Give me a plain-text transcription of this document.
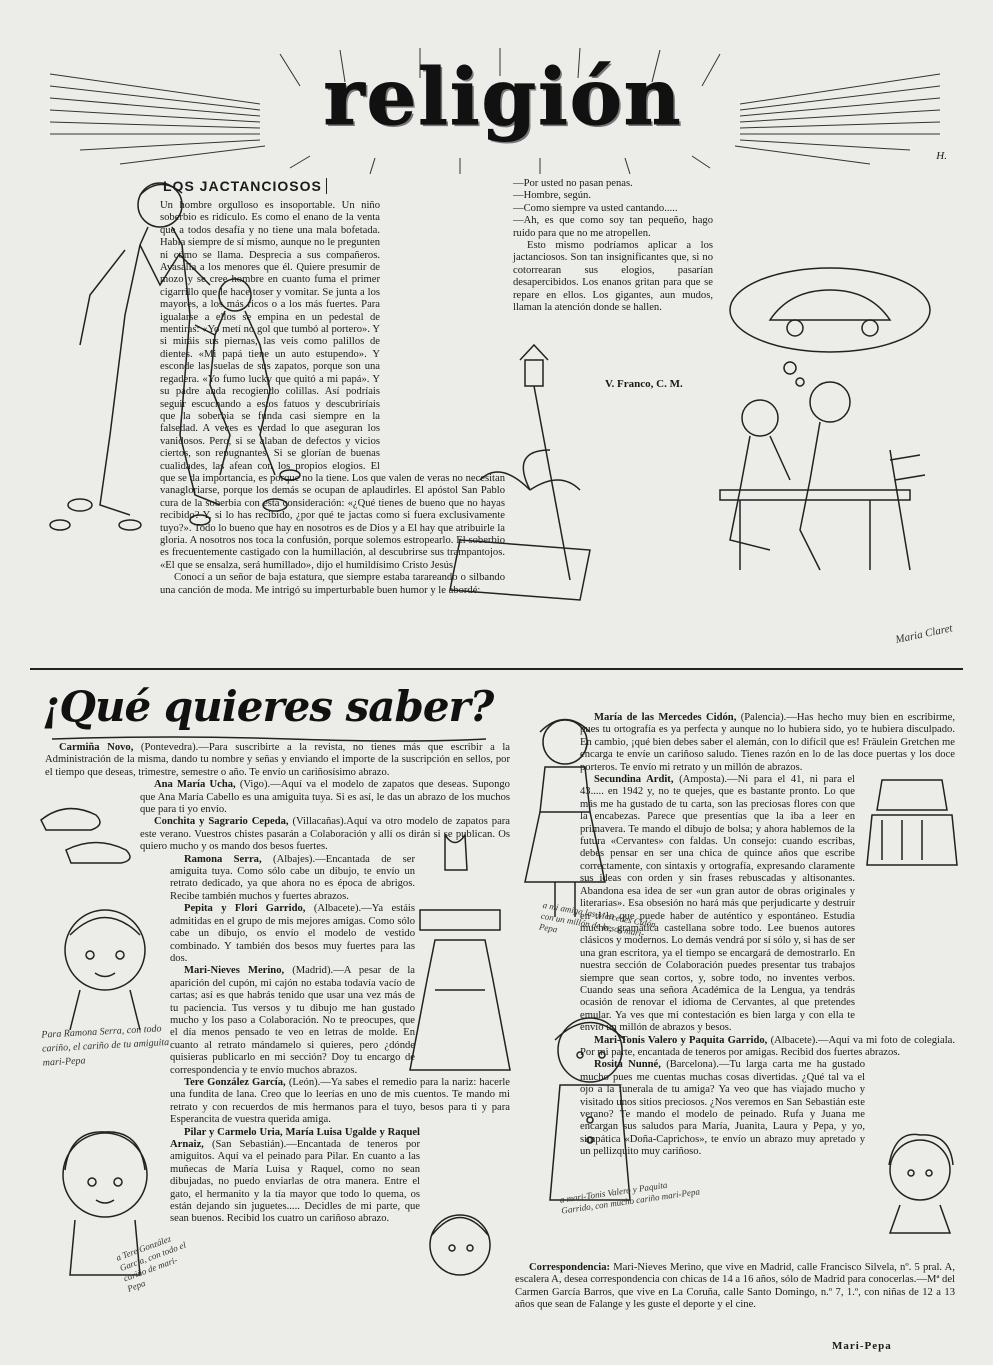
religión
H.
LOS JACTANCIOSOS

Un hombre orgulloso es insoportable. Un niño soberbio es ridículo. Es como el enano de la venta que a todos desafía y no tiene una mala bofetada. Habla siempre de sí mismo, aunque no le pregunten ni cómo se llama. Desprecia a sus compañeros. Avasalla a los menores que él. Quiere presumir de mozo y se cree hombre en cuanto fuma el primer cigarrillo que le hace toser y vomitar. Se junta a los mayores, a los más ricos o a los más fuertes. Para igualarse a ellos se empina en un pedestal de mentiras: «Yo metí no gol que tumbó al portero». Y si miráis sus piernas, las veis como palillos de dientes. «Mi papá tiene un auto estupendo». Y esconde las suelas de sus zapatos, porque son una regadera. «Yo fumo lucky que quitó a mi papá». Y su padre anda recogiendo colillas. Así podríais seguir escuchando a estos fatuos y descubriríais que la soberbia se funda casi siempre en la falsedad. A veces es verdad lo que aseguran los vanidosos. Pero, si se alaban de defectos y vicios ciertos, son repugnantes. Si se glorían de buenas cualidades, las afean con los propios elogios. El que se da importancia, es porque no la tiene. Los que valen de veras no necesitan vanagloriarse, porque los demás se ocupan de aplaudirles. El apóstol San Pablo cura de la soberbia con esta consideración: «¿Qué tienes de bueno que no hayas recibido? Y, si lo has recibido, ¿por qué te jactas como si fuera exclusivamente tuyo?». Todo lo bueno que hay en nosotros es de Dios y a El hay que atribuirle la gloria. A nosotros nos toca la confusión, porque solemos estropearlo. El soberbio es frecuentemente castigado con la humillación, al descubrirse sus trampantojos. «El que se ensalza, será humillado», dijo el humildísimo Cristo Jesús.

Conocí a un señor de baja estatura, que siempre estaba tarareando o silbando una canción de moda. Me intrigó su imperturbable buen humor y le abordé:

—Por usted no pasan penas.

—Hombre, según.

—Como siempre va usted cantando.....

—Ah, es que como soy tan pequeño, hago ruido para que no me atropellen.

Esto mismo podríamos aplicar a los jactanciosos. Son tan insignificantes que, si no cotorrearan sus elogios, pasarían desapercibidos. Los enanos gritan para que se repare en ellos. Los gigantes, aun mudos, llaman la atención donde se hallen.

V. Franco, C. M.
Maria Claret
¡Qué quieres saber?

Carmiña Novo, (Pontevedra).—Para suscribirte a la revista, no tienes más que escribir a la Administración de la misma, dando tu nombre y señas y enviando el importe de la suscripción en sellos, por el tiempo que deseas, trimestre, semestre o año. Te envío un cariñosísimo abrazo.

Ana María Ucha, (Vigo).—Aquí va el modelo de zapatos que deseas. Supongo que Ana María Cabello es una amiguita tuya. Si es así, le das un abrazo de los muchos que para ti yo envío.

Conchita y Sagrario Cepeda, (Villacañas).Aquí va otro modelo de zapatos para este verano. Vuestros chistes pasarán a Colaboración y allí os dirán si se publican. Os quiero mucho y os mando dos besos fuertes.

Ramona Serra, (Albajes).—Encantada de ser amiguita tuya. Como sólo cabe un dibujo, te envío un retrato dedicado, ya que ahora no es época de abrigos. Recibe también muchos y fuertes abrazos.

Pepita y Flori Garrido, (Albacete).—Ya estáis admitidas en el grupo de mis mejores amigas. Como sólo cabe un dibujo, os envío el modelo de vestido combinado. Y también dos besos muy fuertes para las dos.

Mari-Nieves Merino, (Madrid).—A pesar de la aparición del cupón, mi cajón no estaba todavía vacío de cartas; así es que habrás tenido que usar una vez más de tu paciencia. Tus versos y tu dibujo me han gustado mucho y los paso a Colaboración. No te preocupes, que el día menos pensado te veo en letras de molde. En cuanto al retrato mándamelo si quieres, pero ¿dónde quisieras publicarlo en mi sección? Doy tu encargo de correspondencia y te envío muchos abrazos.

Tere González García, (León).—Ya sabes el remedio para la nariz: hacerle una fundita de lana. Creo que lo leerías en uno de mis cuentos. Te mando mi retrato y con recuerdos de mis hermanos para el tuyo, besos para ti y para Esperancita de vuestra querida amiga.

Pilar y Carmelo Uria, María Luisa Ugalde y Raquel Arnaiz, (San Sebastián).—Encantada de teneros por amiguitos. Aquí va el peinado para Pilar. En cuanto a las muñecas de María Luisa y Raquel, como no sean dibujadas, no puedo enviarlas de otra manera. Entre el gato, el hermanito y la tía mayor que todo lo quema, os están dejando sin juguetes..... Decidles de mi parte, que sean buenos. Recibid los cuatro un cariñoso abrazo.

María de las Mercedes Cidón, (Palencia).—Has hecho muy bien en escribirme, pues tu ortografía es ya perfecta y aunque no lo hubiera sido, yo te hubiera disculpado. En cambio, ¡qué bien debes saber el alemán, con lo difícil que es! Fräulein Gretchen me encarga te envíe un cariñoso saludo. Tienes razón en lo de las doce puertas y los doce porteros. Te envío mi retrato y un millón de abrazos.

Secundina Ardit, (Amposta).—Ni para el 41, ni para el 43..... en 1942 y, no te quejes, que es bastante pronto. Lo que más me ha gustado de tu carta, son las preciosas flores con que la encabezas. Parece que presentías que la iba a leer en primavera. Te mando el dibujo de bolsa; y ahora hablemos de la futura «Cervantes» con faldas. Un consejo: cuando escribas, debes pensar en ser una chica de quince años que escribe correctamente, con sintaxis y ortografía, expresando claramente sus ideas con orden y sin frases rebuscadas y altisonantes. Abandona esa idea de ser «un gran autor de obras originales y literarias». Esa obsesión no hará más que perjudicarte y destruir en ti lo que puede haber de auténtico y espontáneo. Estudia mucho, gramática castellana sobre todo. Lee buenos autores clásicos y modernos. Lo demás vendrá por sí sólo y, si has de ser una gran escritora, ya el tiempo se encargará de demostrarlo. En nuestra sección de Colaboración puedes presentar tus trabajos siempre que sean cortos, y, sobre todo, no inventes verbos. Cuando seas una señora Académica de la Lengua, ya tendrás ocasión de renovar el idioma de Cervantes, al que pretendes emular. Ya ves que mi contestación es bien larga y con ella te envío un millón de abrazos y besos.

Mari-Tonis Valero y Paquita Garrido, (Albacete).—Aquí va mi foto de colegiala. Por mi parte, encantada de teneros por amigas. Recibid dos fuertes abrazos.

Rosita Nunné, (Barcelona).—Tu larga carta me ha gustado mucho pues me cuentas muchas cosas divertidas. ¿Qué tal va el ojo a la funerala de tu amiga? Ya veo que has viajado mucho y visitado unos sitios preciosos. ¿Nos veremos en San Sebastián este verano? Te mando el modelo de peinado. Rufa y Juana me encargan sus saludos para María, Juanita, Laura y Pepa, y yo, simpática «Doña-Caprichos», te envío un abrazo muy apretado y un pellizquito muy cariñoso.

Correspondencia: Mari-Nieves Merino, que vive en Madrid, calle Francisco Silvela, nº. 5 pral. A, escalera A, desea correspondencia con chicas de 14 a 16 años, sólo de Madrid para conocerlas.—Mª del Carmen García Barros, que vive en La Coruña, calle Santo Domingo, n.º 7, 1.º, con niñas de 12 a 13 años que sean de Falange y les guste el deporte y el cine.

Mari-Pepa
Para Ramona Serra, con todo cariño, el cariño de tu amiguita mari-Pepa
a Tere González García, con todo el cariño de mari-Pepa
a mi amiga las Mercedes Cidón con un millón de besos mari-Pepa
a mari-Tonis Valero y Paquita Garrido, con mucho cariño mari-Pepa
